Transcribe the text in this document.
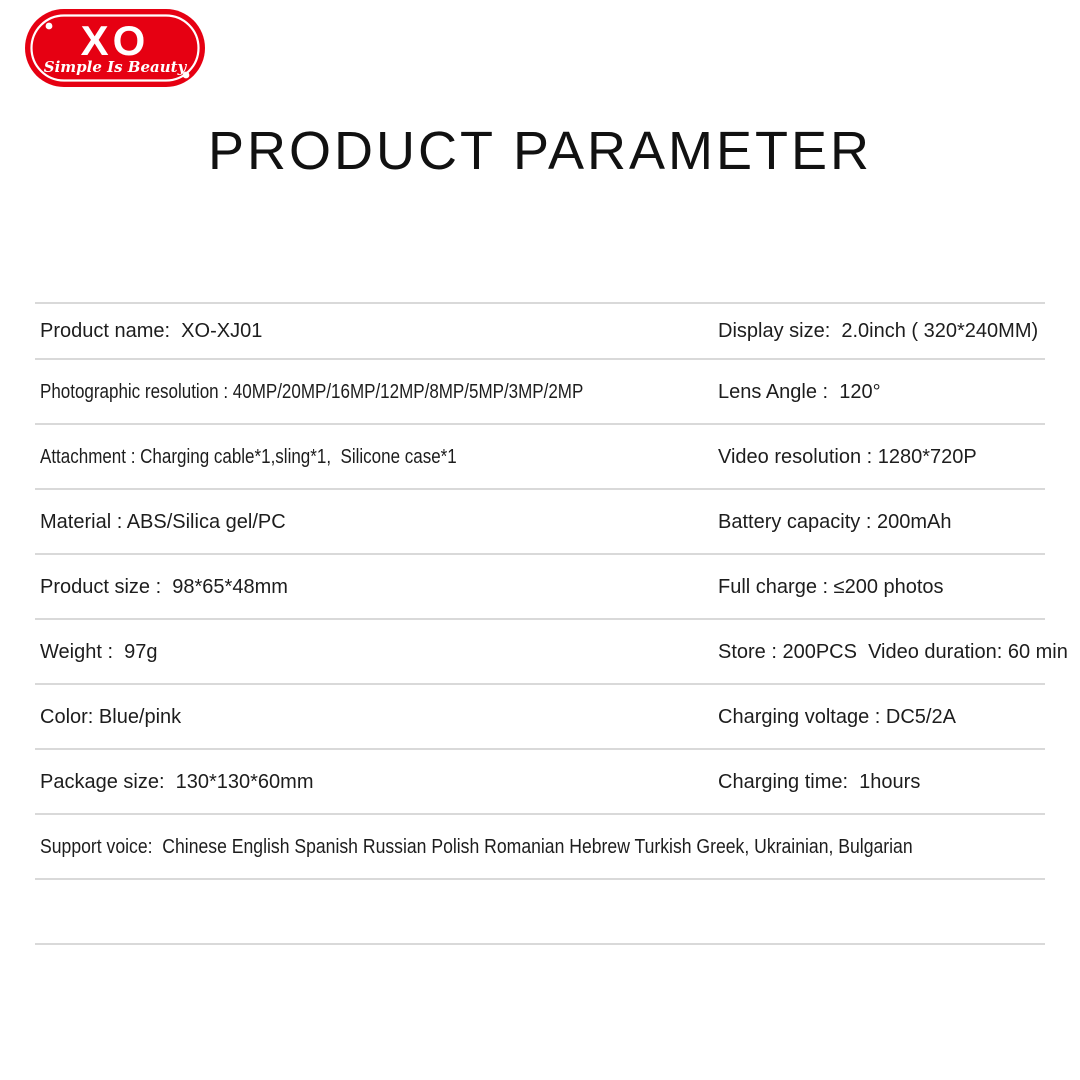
XO
Simple Is Beauty
PRODUCT PARAMETER
Product name:  XO-XJ01	Display size:  2.0inch ( 320*240MM)
Photographic resolution : 40MP/20MP/16MP/12MP/8MP/5MP/3MP/2MP	Lens Angle :  120°
Attachment : Charging cable*1,sling*1,  Silicone case*1	Video resolution : 1280*720P
Material : ABS/Silica gel/PC	Battery capacity : 200mAh
Product size :  98*65*48mm	Full charge : ≤200 photos
Weight :  97g	Store : 200PCS  Video duration: 60 min
Color: Blue/pink	Charging voltage : DC5/2A
Package size:  130*130*60mm	Charging time:  1hours
Support voice:  Chinese English Spanish Russian Polish Romanian Hebrew Turkish Greek, Ukrainian, Bulgarian
